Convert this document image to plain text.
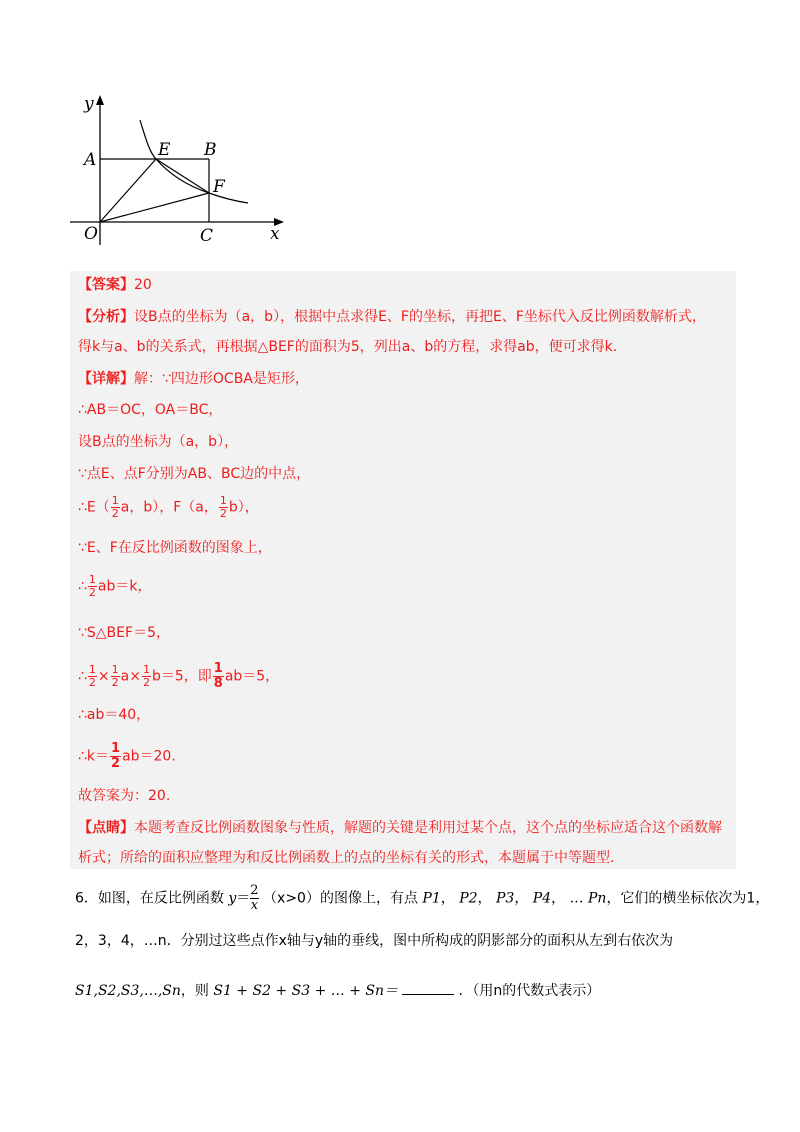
y
x
O
A	E B
F
C
【答案】20
【分析】设B点的坐标为（a，b），根据中点求得E、F的坐标，再把E、F坐标代入反比例函数解析式，
得k与a、b的关系式，再根据△BEF的面积为5，列出a、b的方程，求得ab，便可求得k.
【详解】解：∵四边形OCBA是矩形，
∴AB＝OC，OA＝BC，
设B点的坐标为（a，b），
∵点E、点F分别为AB、BC边的中点，
∴E（ $\frac{1}{2}$ a，b），F（a， $\frac{1}{2} b$），
∵E、F在反比例函数的图象上，
∴ $\frac{1}{2} ab=k$，
∵S△BEF＝5，
∴ $\frac{1}{2} \times \frac{1}{2} a\times \frac{1}{2} b=5$，即 $\frac{1}{8} ab=5$，
∴ab＝40，
∴k＝ $\frac{1}{2} ab=20$.
故答案为：20.
【点睛】本题考查反比例函数图象与性质，解题的关键是利用过某个点，这个点的坐标应适合这个函数解
析式；所给的面积应整理为和反比例函数上的点的坐标有关的形式，本题属于中等题型.
6．如图，在反比例函数 $y= \frac{2}{x} (x>0)$的图像上，有点 P1， P2， P3， P4， … Pn，它们的横坐标依次为1，
2，3，4，…n．分别过这些点作x轴与y轴的垂线，图中所构成的阴影部分的面积从左到右依次为
S1,S2,S3,…,Sn，则 S1 + S2 + S3 + … + Sn＝	．（用n的代数式表示）
